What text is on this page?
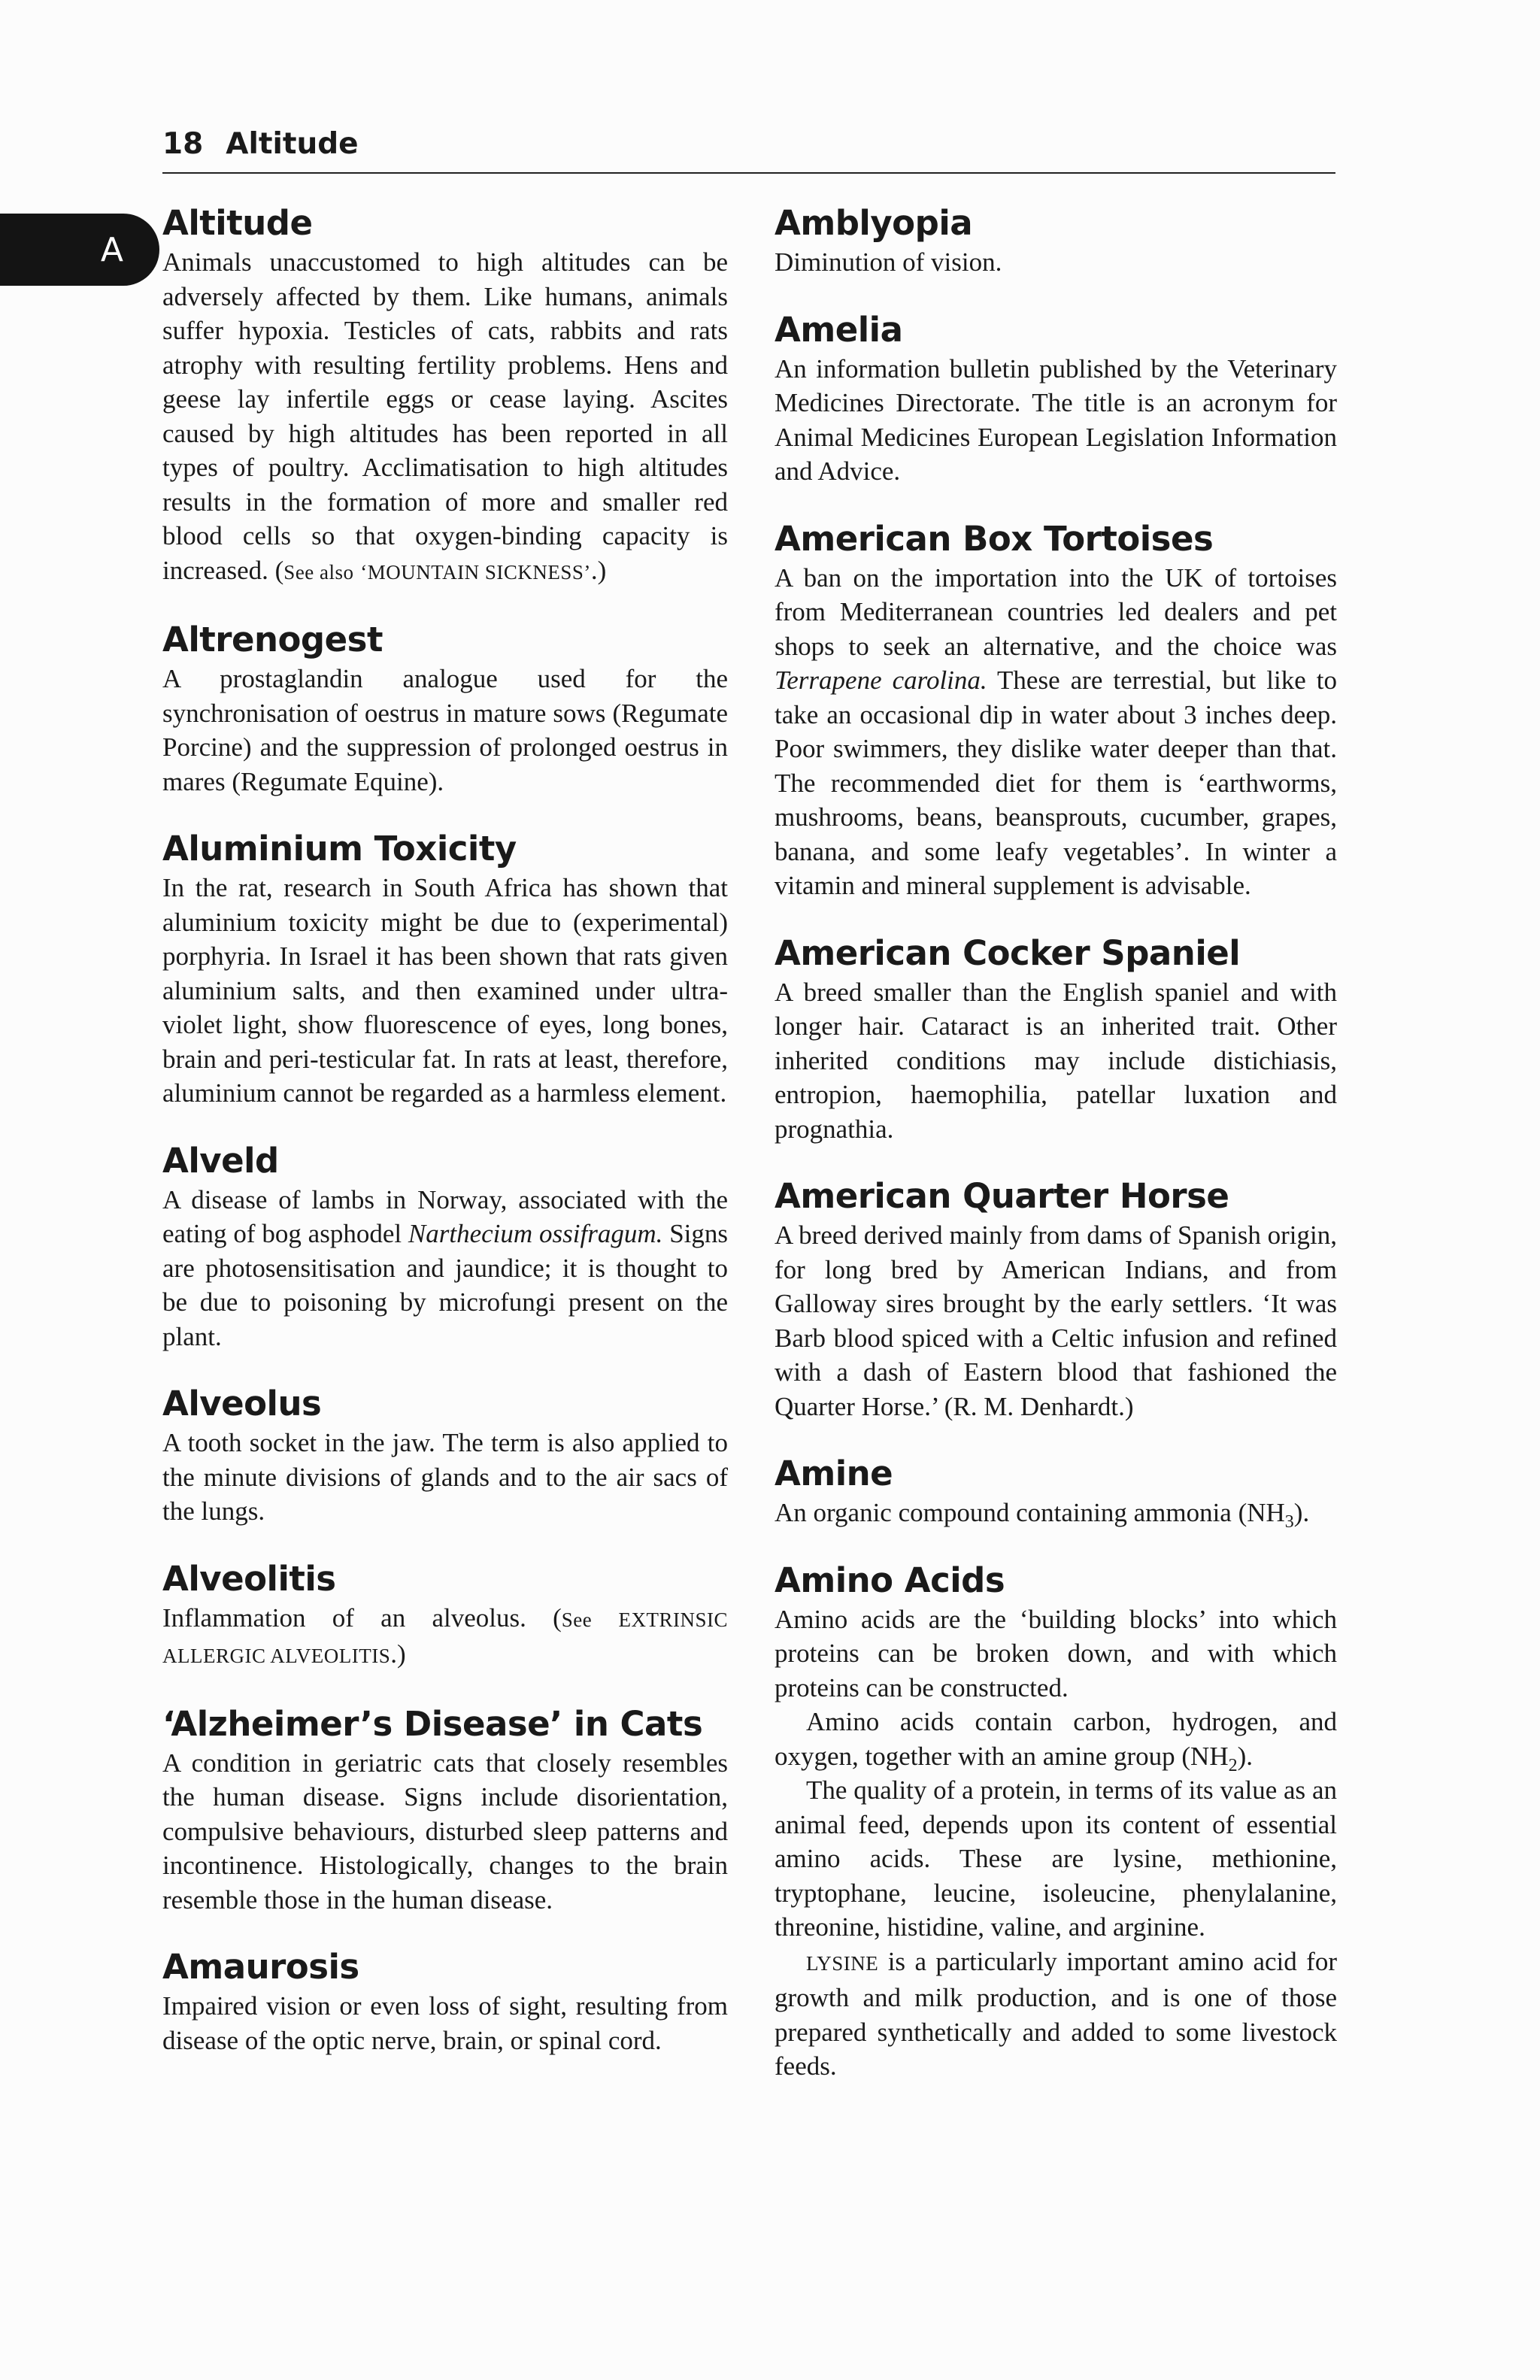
18 Altitude
A
Altitude

Animals unaccustomed to high altitudes can be adversely affected by them. Like humans, animals suffer hypoxia. Testicles of cats, rabbits and rats atrophy with resulting fertility problems. Hens and geese lay infertile eggs or cease laying. Ascites caused by high altitudes has been reported in all types of poultry. Acclimatisation to high altitudes results in the formation of more and smaller red blood cells so that oxygen-binding capacity is increased. (See also ‘MOUNTAIN SICKNESS’.)

Altrenogest

A prostaglandin analogue used for the synchronisation of oestrus in mature sows (Regumate Porcine) and the suppression of prolonged oestrus in mares (Regumate Equine).

Aluminium Toxicity

In the rat, research in South Africa has shown that aluminium toxicity might be due to (experimental) porphyria. In Israel it has been shown that rats given aluminium salts, and then examined under ultra-violet light, show fluorescence of eyes, long bones, brain and peri-testicular fat. In rats at least, therefore, aluminium cannot be regarded as a harmless element.

Alveld

A disease of lambs in Norway, associated with the eating of bog asphodel Narthecium ossifragum. Signs are photosensitisation and jaundice; it is thought to be due to poisoning by microfungi present on the plant.

Alveolus

A tooth socket in the jaw. The term is also applied to the minute divisions of glands and to the air sacs of the lungs.

Alveolitis

Inflammation of an alveolus. (See EXTRINSIC ALLERGIC ALVEOLITIS.)

‘Alzheimer’s Disease’ in Cats

A condition in geriatric cats that closely resembles the human disease. Signs include disorientation, compulsive behaviours, disturbed sleep patterns and incontinence. Histologically, changes to the brain resemble those in the human disease.

Amaurosis

Impaired vision or even loss of sight, resulting from disease of the optic nerve, brain, or spinal cord.

Amblyopia

Diminution of vision.

Amelia

An information bulletin published by the Veterinary Medicines Directorate. The title is an acronym for Animal Medicines European Legislation Information and Advice.

American Box Tortoises

A ban on the importation into the UK of tortoises from Mediterranean countries led dealers and pet shops to seek an alternative, and the choice was Terrapene carolina. These are terrestial, but like to take an occasional dip in water about 3 inches deep. Poor swimmers, they dislike water deeper than that. The recommended diet for them is ‘earthworms, mushrooms, beans, beansprouts, cucumber, grapes, banana, and some leafy vegetables’. In winter a vitamin and mineral supplement is advisable.

American Cocker Spaniel

A breed smaller than the English spaniel and with longer hair. Cataract is an inherited trait. Other inherited conditions may include distichiasis, entropion, haemophilia, patellar luxation and prognathia.

American Quarter Horse

A breed derived mainly from dams of Spanish origin, for long bred by American Indians, and from Galloway sires brought by the early settlers. ‘It was Barb blood spiced with a Celtic infusion and refined with a dash of Eastern blood that fashioned the Quarter Horse.’ (R. M. Denhardt.)

Amine

An organic compound containing ammonia $(NH_3)$.

Amino Acids

Amino acids are the ‘building blocks’ into which proteins can be broken down, and with which proteins can be constructed.

Amino acids contain carbon, hydrogen, and oxygen, together with an amine group $(NH_2)$.

The quality of a protein, in terms of its value as an animal feed, depends upon its content of essential amino acids. These are lysine, methionine, tryptophane, leucine, isoleucine, phenylalanine, threonine, histidine, valine, and arginine.

LYSINE is a particularly important amino acid for growth and milk production, and is one of those prepared synthetically and added to some livestock feeds.
